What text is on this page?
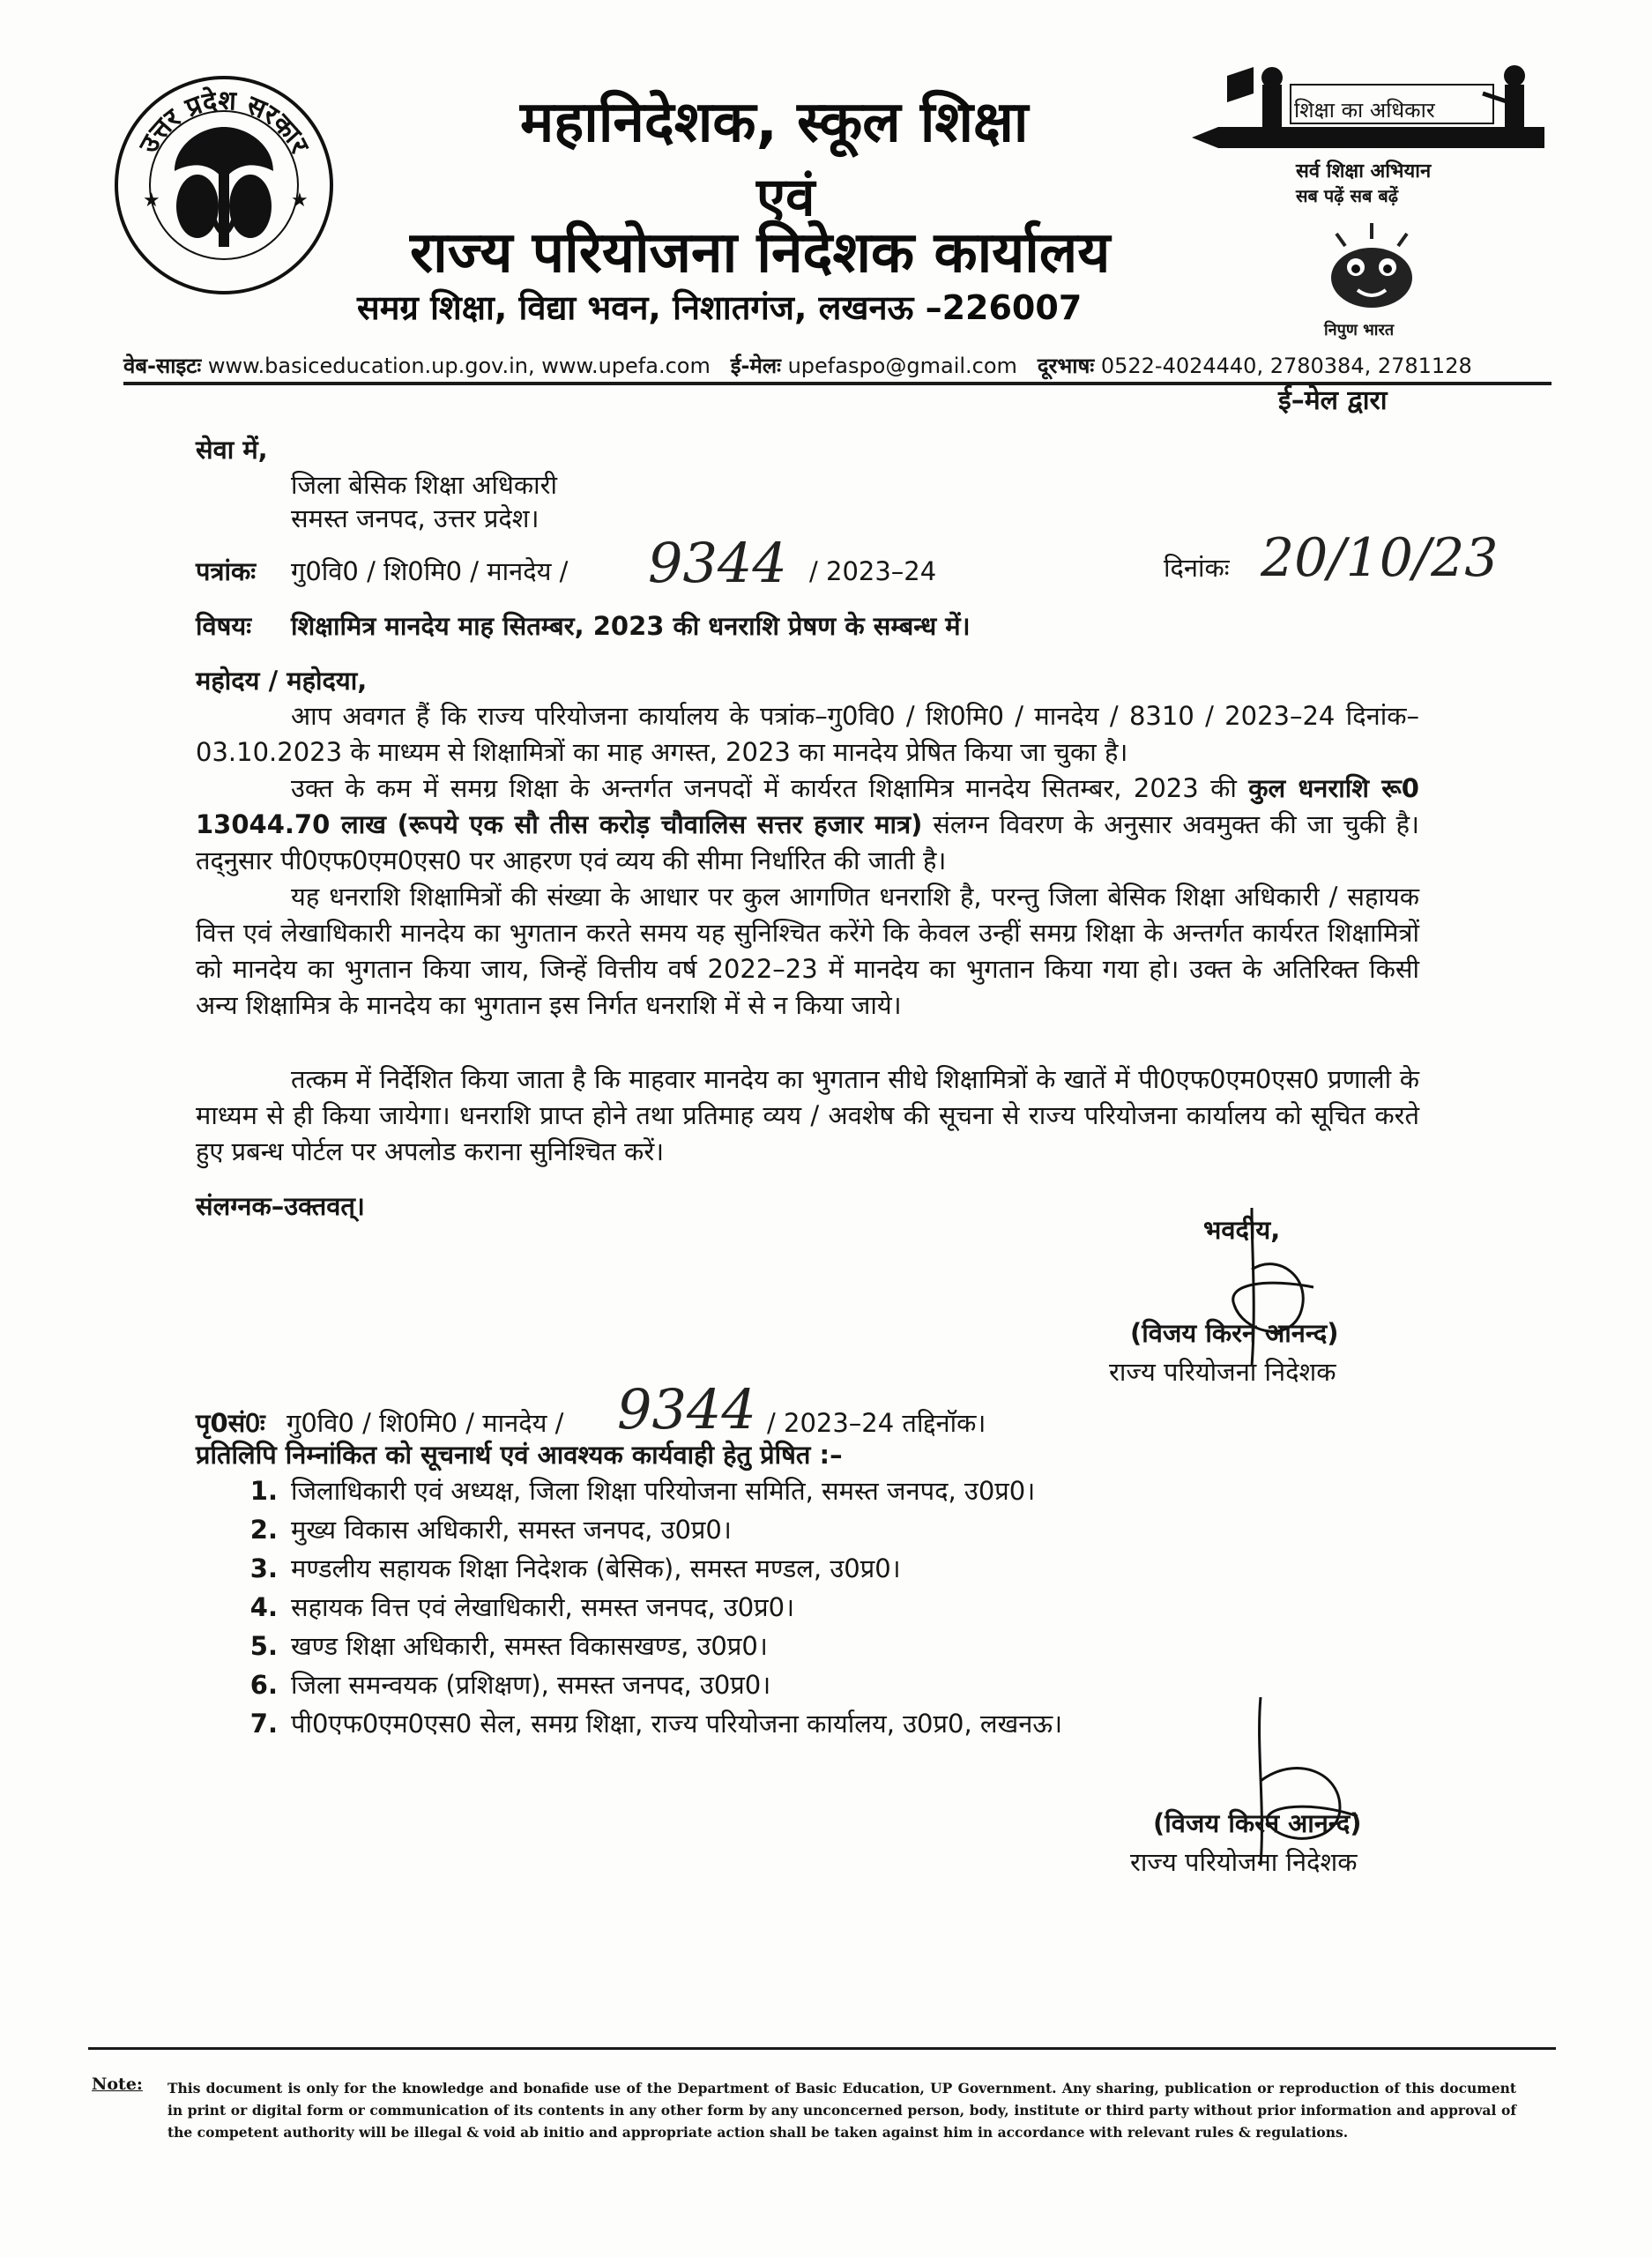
उत्तर प्रदेश सरकार
★	★
महानिदेशक, स्कूल शिक्षा
एवं
राज्य परियोजना निदेशक कार्यालय
समग्र शिक्षा, विद्या भवन, निशातगंज, लखनऊ –226007
शिक्षा का अधिकार
सर्व शिक्षा अभियान
सब पढ़ें सब बढ़ें
निपुण भारत
वेब-साइटः www.basiceducation.up.gov.in, www.upefa.com ई-मेलः upefaspo@gmail.com दूरभाषः 0522-4024440, 2780384, 2781128
ई–मेल द्वारा
सेवा में,
जिला बेसिक शिक्षा अधिकारी
समस्त जनपद, उत्तर प्रदेश।
पत्रांकः गु0वि0 / शि0मि0 / मानदेय / 9344 / 2023–24	दिनांकः 20/10/23
विषयः शिक्षामित्र मानदेय माह सितम्बर, 2023 की धनराशि प्रेषण के सम्बन्ध में।
महोदय / महोदया,
आप अवगत हैं कि राज्य परियोजना कार्यालय के पत्रांक–गु0वि0 / शि0मि0 / मानदेय / 8310 / 2023–24 दिनांक–03.10.2023 के माध्यम से शिक्षामित्रों का माह अगस्त, 2023 का मानदेय प्रेषित किया जा चुका है।
उक्त के कम में समग्र शिक्षा के अन्तर्गत जनपदों में कार्यरत शिक्षामित्र मानदेय सितम्बर, 2023 की कुल धनराशि रू0 13044.70 लाख (रूपये एक सौ तीस करोड़ चौवालिस सत्तर हजार मात्र) संलग्न विवरण के अनुसार अवमुक्त की जा चुकी है। तद्नुसार पी0एफ0एम0एस0 पर आहरण एवं व्यय की सीमा निर्धारित की जाती है।
यह धनराशि शिक्षामित्रों की संख्या के आधार पर कुल आगणित धनराशि है, परन्तु जिला बेसिक शिक्षा अधिकारी / सहायक वित्त एवं लेखाधिकारी मानदेय का भुगतान करते समय यह सुनिश्चित करेंगे कि केवल उन्हीं समग्र शिक्षा के अन्तर्गत कार्यरत शिक्षामित्रों को मानदेय का भुगतान किया जाय, जिन्हें वित्तीय वर्ष 2022–23 में मानदेय का भुगतान किया गया हो। उक्त के अतिरिक्त किसी अन्य शिक्षामित्र के मानदेय का भुगतान इस निर्गत धनराशि में से न किया जाये।
तत्कम में निर्देशित किया जाता है कि माहवार मानदेय का भुगतान सीधे शिक्षामित्रों के खातें में पी0एफ0एम0एस0 प्रणाली के माध्यम से ही किया जायेगा। धनराशि प्राप्त होने तथा प्रतिमाह व्यय / अवशेष की सूचना से राज्य परियोजना कार्यालय को सूचित करते हुए प्रबन्ध पोर्टल पर अपलोड कराना सुनिश्चित करें।
संलग्नक–उक्तवत्।
भवदीय,
(विजय किरन आनन्द)
राज्य परियोजना निदेशक
पृ0सं0ः गु0वि0 / शि0मि0 / मानदेय / 9344 / 2023–24 तद्दिनॉक।
प्रतिलिपि निम्नांकित को सूचनार्थ एवं आवश्यक कार्यवाही हेतु प्रेषित :–
1. जिलाधिकारी एवं अध्यक्ष, जिला शिक्षा परियोजना समिति, समस्त जनपद, उ0प्र0।
2. मुख्य विकास अधिकारी, समस्त जनपद, उ0प्र0।
3. मण्डलीय सहायक शिक्षा निदेशक (बेसिक), समस्त मण्डल, उ0प्र0।
4. सहायक वित्त एवं लेखाधिकारी, समस्त जनपद, उ0प्र0।
5. खण्ड शिक्षा अधिकारी, समस्त विकासखण्ड, उ0प्र0।
6. जिला समन्वयक (प्रशिक्षण), समस्त जनपद, उ0प्र0।
7. पी0एफ0एम0एस0 सेल, समग्र शिक्षा, राज्य परियोजना कार्यालय, उ0प्र0, लखनऊ।
(विजय किरन आनन्द)
राज्य परियोजना निदेशक
Note: This document is only for the knowledge and bonafide use of the Department of Basic Education, UP Government. Any sharing, publication or reproduction of this document in print or digital form or communication of its contents in any other form by any unconcerned person, body, institute or third party without prior information and approval of the competent authority will be illegal & void ab initio and appropriate action shall be taken against him in accordance with relevant rules & regulations.
